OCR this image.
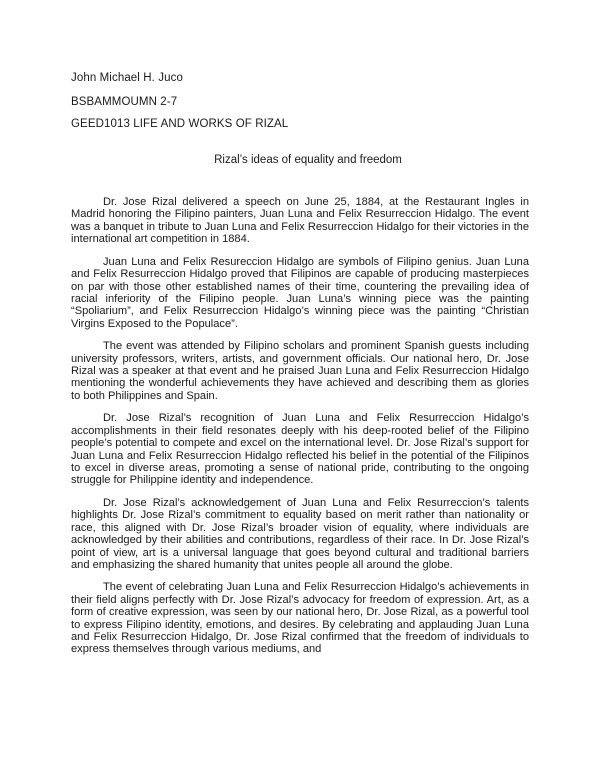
John Michael H. Juco
BSBAMMOUMN 2-7
GEED1013 LIFE AND WORKS OF RIZAL
Rizal’s ideas of equality and freedom

Dr. Jose Rizal delivered a speech on June 25, 1884, at the Restaurant Ingles in Madrid honoring the Filipino painters, Juan Luna and Felix Resurreccion Hidalgo. The event was a banquet in tribute to Juan Luna and Felix Resurreccion Hidalgo for their victories in the international art competition in 1884.

Juan Luna and Felix Resureccion Hidalgo are symbols of Filipino genius. Juan Luna and Felix Resurreccion Hidalgo proved that Filipinos are capable of producing masterpieces on par with those other established names of their time, countering the prevailing idea of racial inferiority of the Filipino people. Juan Luna’s winning piece was the painting “Spoliarium”, and Felix Resurreccion Hidalgo’s winning piece was the painting “Christian Virgins Exposed to the Populace”.

The event was attended by Filipino scholars and prominent Spanish guests including university professors, writers, artists, and government officials. Our national hero, Dr. Jose Rizal was a speaker at that event and he praised Juan Luna and Felix Resurreccion Hidalgo mentioning the wonderful achievements they have achieved and describing them as glories to both Philippines and Spain.

Dr. Jose Rizal’s recognition of Juan Luna and Felix Resurreccion Hidalgo’s accomplishments in their field resonates deeply with his deep-rooted belief of the Filipino people’s potential to compete and excel on the international level. Dr. Jose Rizal’s support for Juan Luna and Felix Resurreccion Hidalgo reflected his belief in the potential of the Filipinos to excel in diverse areas, promoting a sense of national pride, contributing to the ongoing struggle for Philippine identity and independence.

Dr. Jose Rizal’s acknowledgement of Juan Luna and Felix Resurreccion’s talents highlights Dr. Jose Rizal’s commitment to equality based on merit rather than nationality or race, this aligned with Dr. Jose Rizal’s broader vision of equality, where individuals are acknowledged by their abilities and contributions, regardless of their race. In Dr. Jose Rizal’s point of view, art is a universal language that goes beyond cultural and traditional barriers and emphasizing the shared humanity that unites people all around the globe.

The event of celebrating Juan Luna and Felix Resurreccion Hidalgo’s achievements in their field aligns perfectly with Dr. Jose Rizal’s advocacy for freedom of expression. Art, as a form of creative expression, was seen by our national hero, Dr. Jose Rizal, as a powerful tool to express Filipino identity, emotions, and desires. By celebrating and applauding Juan Luna and Felix Resurreccion Hidalgo, Dr. Jose Rizal confirmed that the freedom of individuals to express themselves through various mediums, and
